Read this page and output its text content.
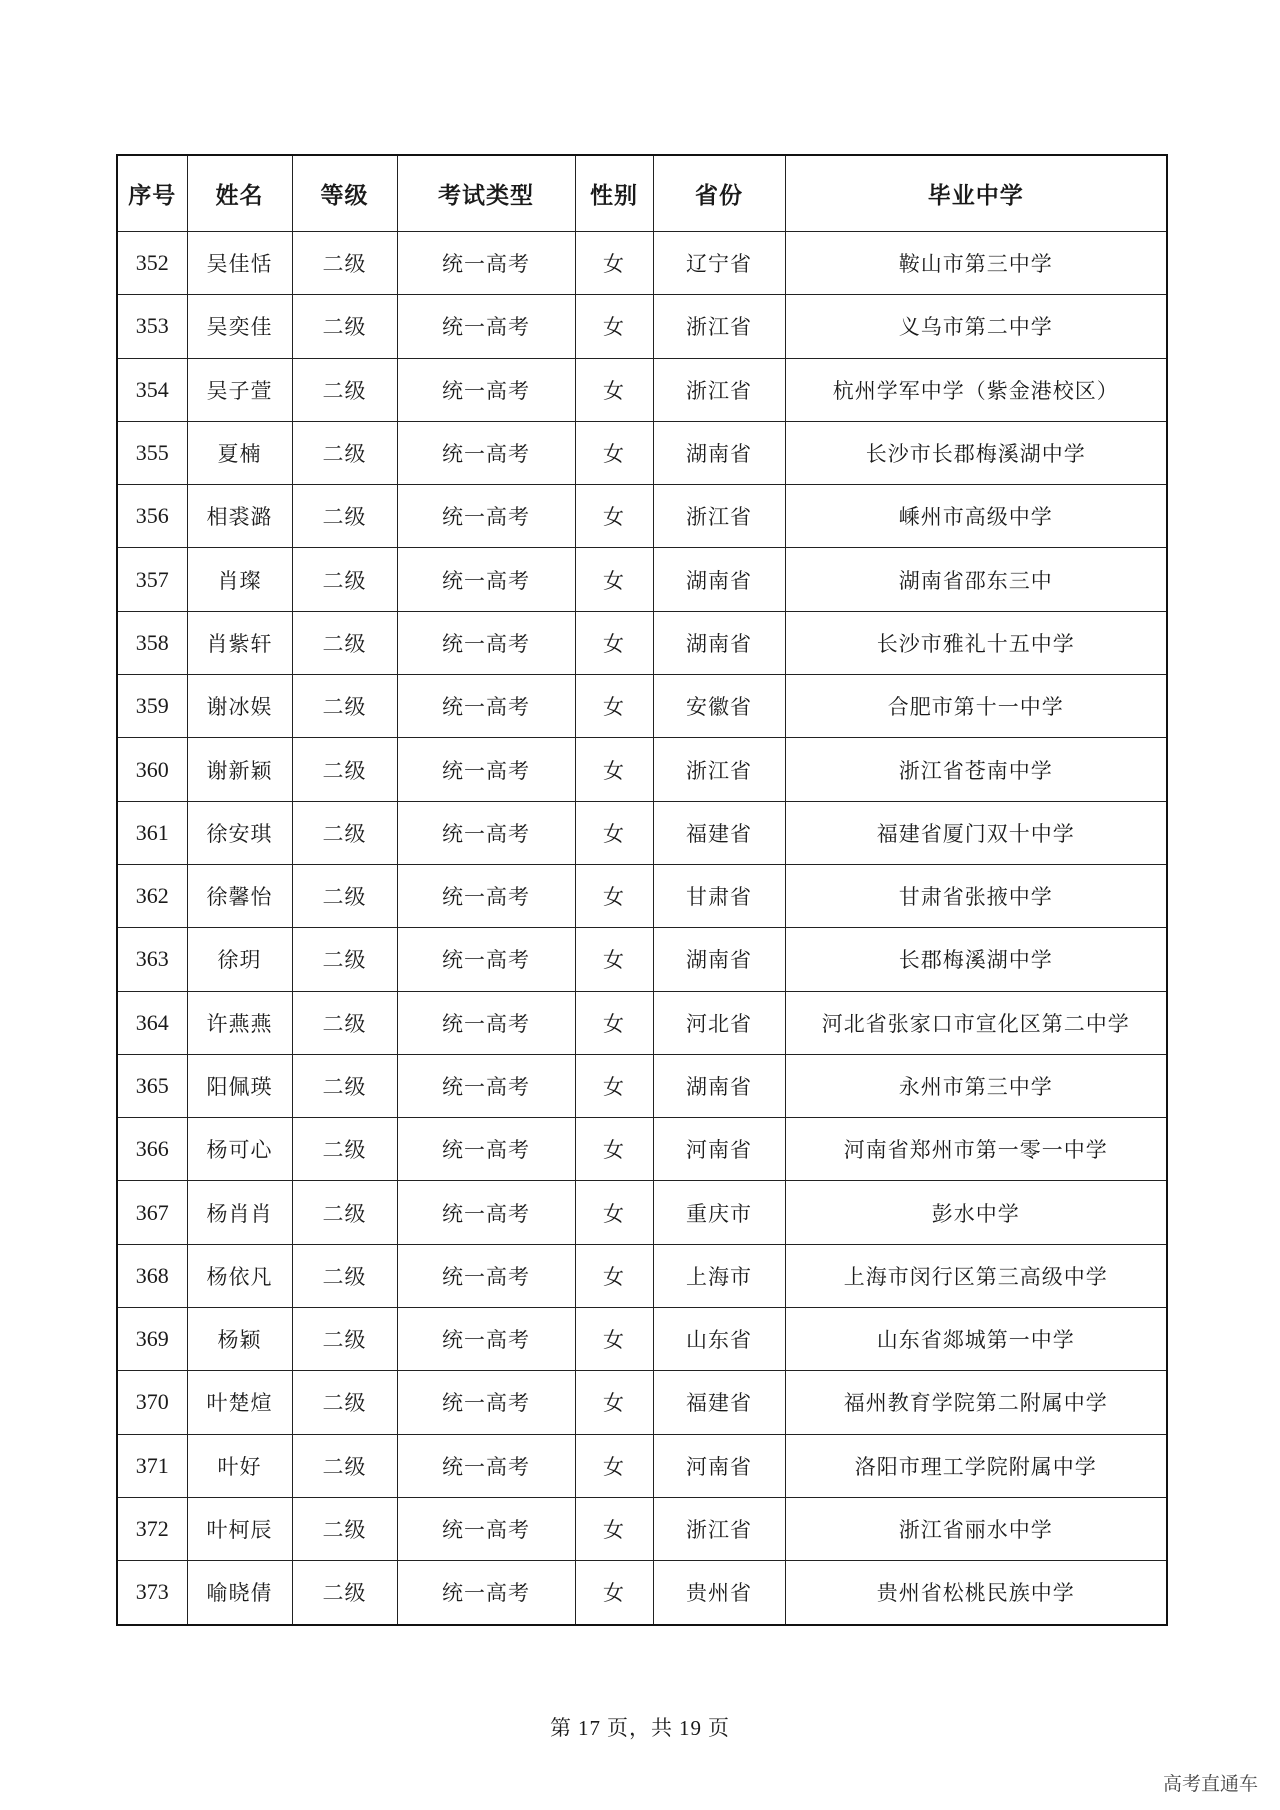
序号	姓名	等级	考试类型	性别	省份	毕业中学
352	吴佳恬	二级	统一高考	女	辽宁省	鞍山市第三中学
353	吴奕佳	二级	统一高考	女	浙江省	义乌市第二中学
354	吴子萱	二级	统一高考	女	浙江省	杭州学军中学（紫金港校区）
355	夏楠	二级	统一高考	女	湖南省	长沙市长郡梅溪湖中学
356	相裘潞	二级	统一高考	女	浙江省	嵊州市高级中学
357	肖璨	二级	统一高考	女	湖南省	湖南省邵东三中
358	肖紫轩	二级	统一高考	女	湖南省	长沙市雅礼十五中学
359	谢冰娱	二级	统一高考	女	安徽省	合肥市第十一中学
360	谢新颖	二级	统一高考	女	浙江省	浙江省苍南中学
361	徐安琪	二级	统一高考	女	福建省	福建省厦门双十中学
362	徐馨怡	二级	统一高考	女	甘肃省	甘肃省张掖中学
363	徐玥	二级	统一高考	女	湖南省	长郡梅溪湖中学
364	许燕燕	二级	统一高考	女	河北省	河北省张家口市宣化区第二中学
365	阳佩瑛	二级	统一高考	女	湖南省	永州市第三中学
366	杨可心	二级	统一高考	女	河南省	河南省郑州市第一零一中学
367	杨肖肖	二级	统一高考	女	重庆市	彭水中学
368	杨依凡	二级	统一高考	女	上海市	上海市闵行区第三高级中学
369	杨颖	二级	统一高考	女	山东省	山东省郯城第一中学
370	叶楚煊	二级	统一高考	女	福建省	福州教育学院第二附属中学
371	叶好	二级	统一高考	女	河南省	洛阳市理工学院附属中学
372	叶柯辰	二级	统一高考	女	浙江省	浙江省丽水中学
373	喻晓倩	二级	统一高考	女	贵州省	贵州省松桃民族中学
第 17 页，共 19 页
高考直通车
